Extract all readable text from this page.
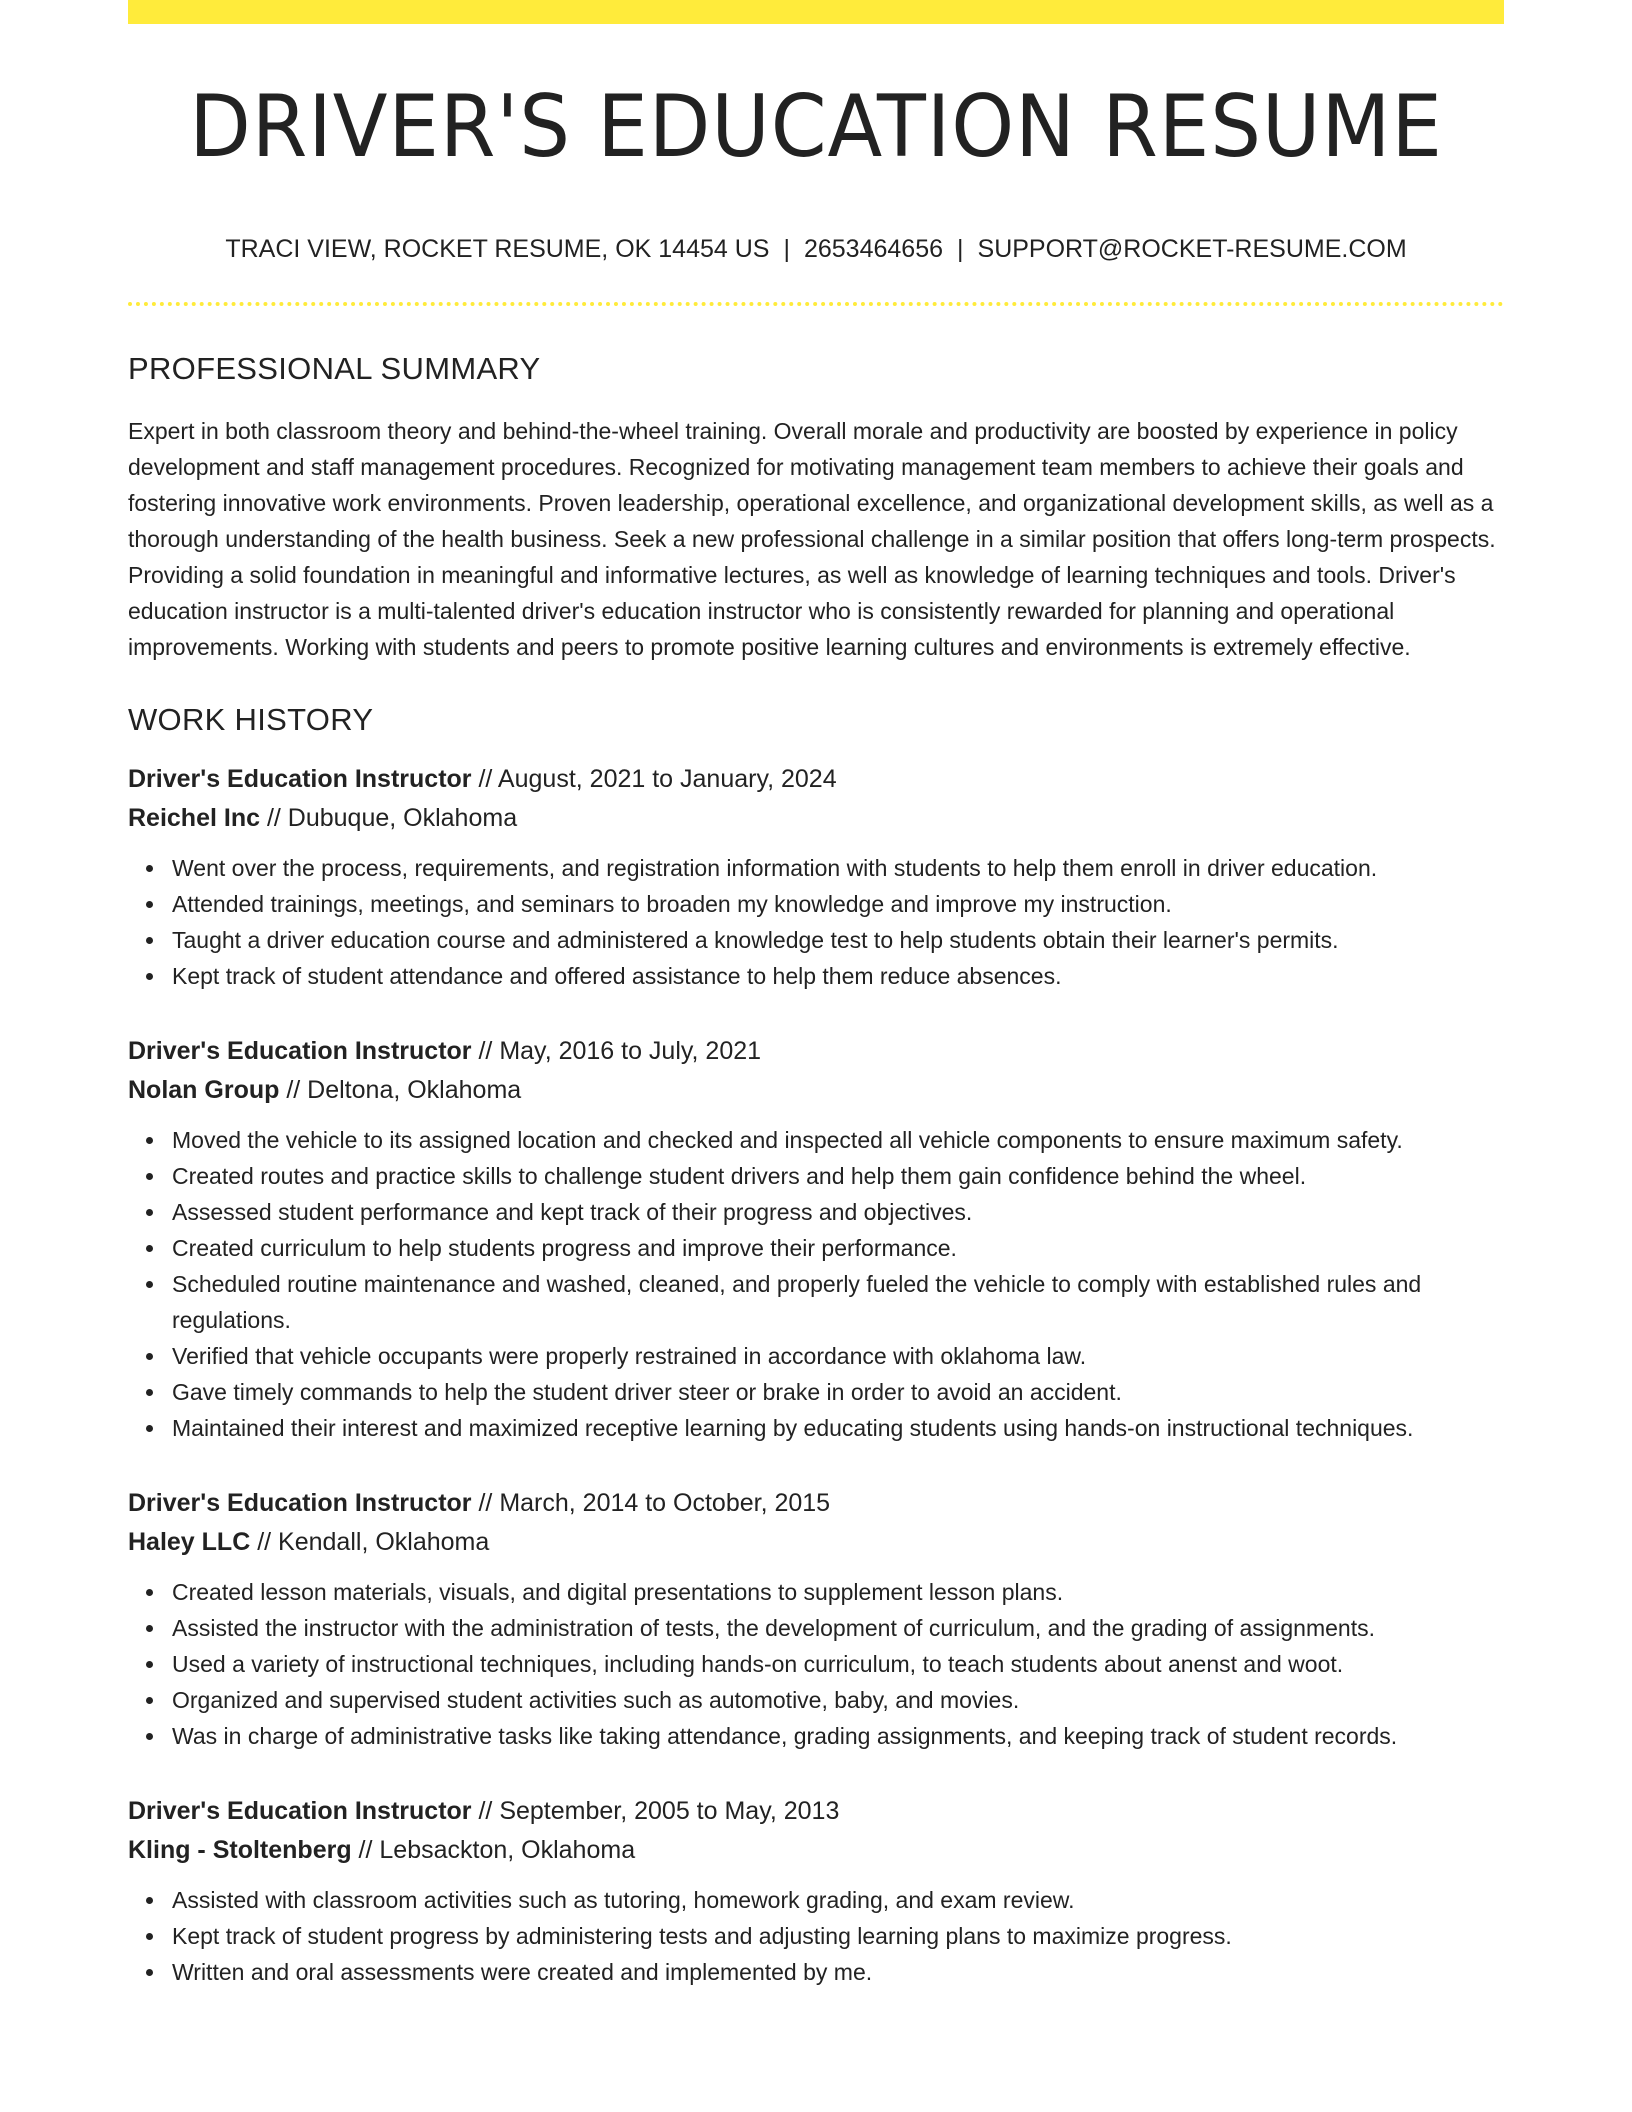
DRIVER'S EDUCATION RESUME
TRACI VIEW, ROCKET RESUME, OK 14454 US | 2653464656 | SUPPORT@ROCKET-RESUME.COM
PROFESSIONAL SUMMARY

Expert in both classroom theory and behind-the-wheel training. Overall morale and productivity are boosted by experience in policy development and staff management procedures. Recognized for motivating management team members to achieve their goals and fostering innovative work environments. Proven leadership, operational excellence, and organizational development skills, as well as a thorough understanding of the health business. Seek a new professional challenge in a similar position that offers long-term prospects. Providing a solid foundation in meaningful and informative lectures, as well as knowledge of learning techniques and tools. Driver's education instructor is a multi-talented driver's education instructor who is consistently rewarded for planning and operational improvements. Working with students and peers to promote positive learning cultures and environments is extremely effective.

WORK HISTORY
Driver's Education Instructor // August, 2021 to January, 2024
Reichel Inc // Dubuque, Oklahoma
Went over the process, requirements, and registration information with students to help them enroll in driver education.
Attended trainings, meetings, and seminars to broaden my knowledge and improve my instruction.
Taught a driver education course and administered a knowledge test to help students obtain their learner's permits.
Kept track of student attendance and offered assistance to help them reduce absences.
Driver's Education Instructor // May, 2016 to July, 2021
Nolan Group // Deltona, Oklahoma
Moved the vehicle to its assigned location and checked and inspected all vehicle components to ensure maximum safety.
Created routes and practice skills to challenge student drivers and help them gain confidence behind the wheel.
Assessed student performance and kept track of their progress and objectives.
Created curriculum to help students progress and improve their performance.
Scheduled routine maintenance and washed, cleaned, and properly fueled the vehicle to comply with established rules and regulations.
Verified that vehicle occupants were properly restrained in accordance with oklahoma law.
Gave timely commands to help the student driver steer or brake in order to avoid an accident.
Maintained their interest and maximized receptive learning by educating students using hands-on instructional techniques.
Driver's Education Instructor // March, 2014 to October, 2015
Haley LLC // Kendall, Oklahoma
Created lesson materials, visuals, and digital presentations to supplement lesson plans.
Assisted the instructor with the administration of tests, the development of curriculum, and the grading of assignments.
Used a variety of instructional techniques, including hands-on curriculum, to teach students about anenst and woot.
Organized and supervised student activities such as automotive, baby, and movies.
Was in charge of administrative tasks like taking attendance, grading assignments, and keeping track of student records.
Driver's Education Instructor // September, 2005 to May, 2013
Kling - Stoltenberg // Lebsackton, Oklahoma
Assisted with classroom activities such as tutoring, homework grading, and exam review.
Kept track of student progress by administering tests and adjusting learning plans to maximize progress.
Written and oral assessments were created and implemented by me.
